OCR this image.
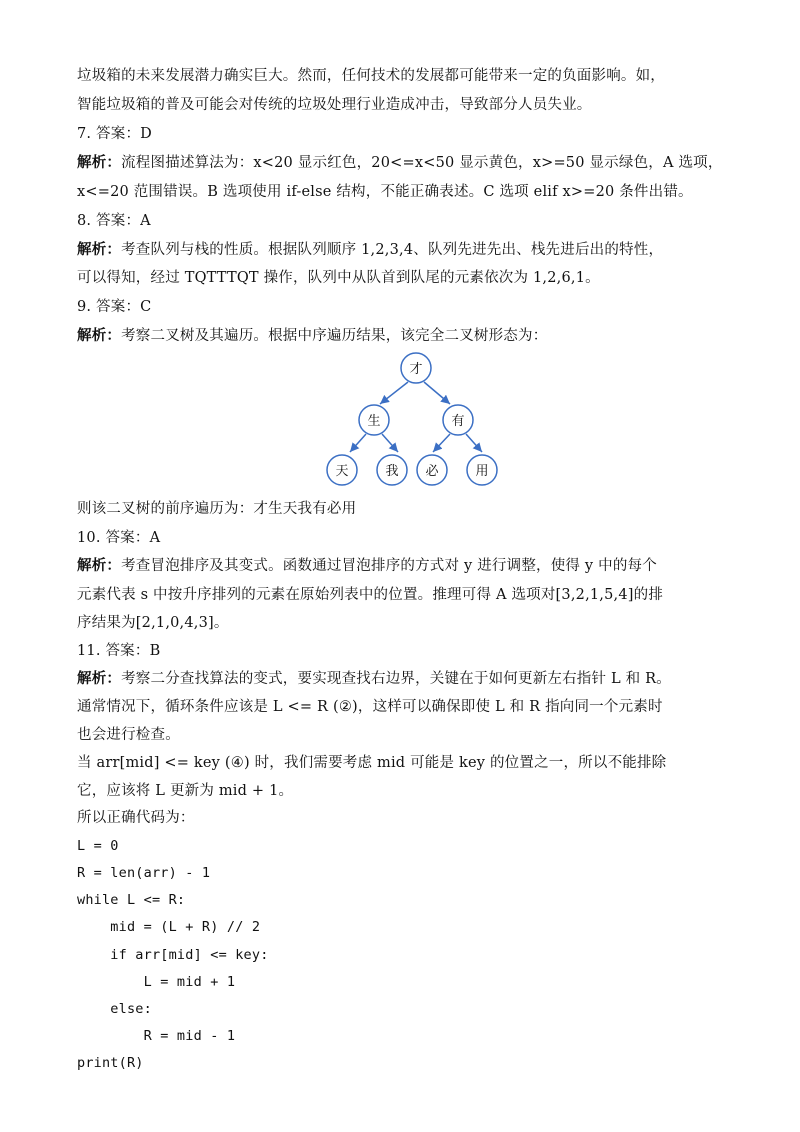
垃圾箱的未来发展潜力确实巨大。然而，任何技术的发展都可能带来一定的负面影响。如，
智能垃圾箱的普及可能会对传统的垃圾处理行业造成冲击，导致部分人员失业。
7. 答案：D
解析：流程图描述算法为：x<20 显示红色，20<=x<50 显示黄色，x>=50 显示绿色，A 选项，
x<=20 范围错误。B 选项使用 if-else 结构，不能正确表述。C 选项 elif x>=20 条件出错。
8. 答案：A
解析：考查队列与栈的性质。根据队列顺序 1,2,3,4、队列先进先出、栈先进后出的特性，
可以得知，经过 TQTTTQT 操作，队列中从队首到队尾的元素依次为 1,2,6,1。
9. 答案：C
解析：考察二叉树及其遍历。根据中序遍历结果，该完全二叉树形态为：
才
生	有
天	我 必	用
则该二叉树的前序遍历为：才生天我有必用
10. 答案：A
解析：考查冒泡排序及其变式。函数通过冒泡排序的方式对 y 进行调整，使得 y 中的每个
元素代表 s 中按升序排列的元素在原始列表中的位置。推理可得 A 选项对[3,2,1,5,4]的排
序结果为[2,1,0,4,3]。
11. 答案：B
解析：考察二分查找算法的变式，要实现查找右边界，关键在于如何更新左右指针 L 和 R。
通常情况下，循环条件应该是 L <= R (②)，这样可以确保即使 L 和 R 指向同一个元素时
也会进行检查。
当 arr[mid] <= key (④) 时，我们需要考虑 mid 可能是 key 的位置之一，所以不能排除
它，应该将 L 更新为 mid + 1。
所以正确代码为：
L = 0
R = len(arr) - 1
while L <= R:
mid = (L + R) // 2
if arr[mid] <= key:
L = mid + 1
else:
R = mid - 1
print(R)
